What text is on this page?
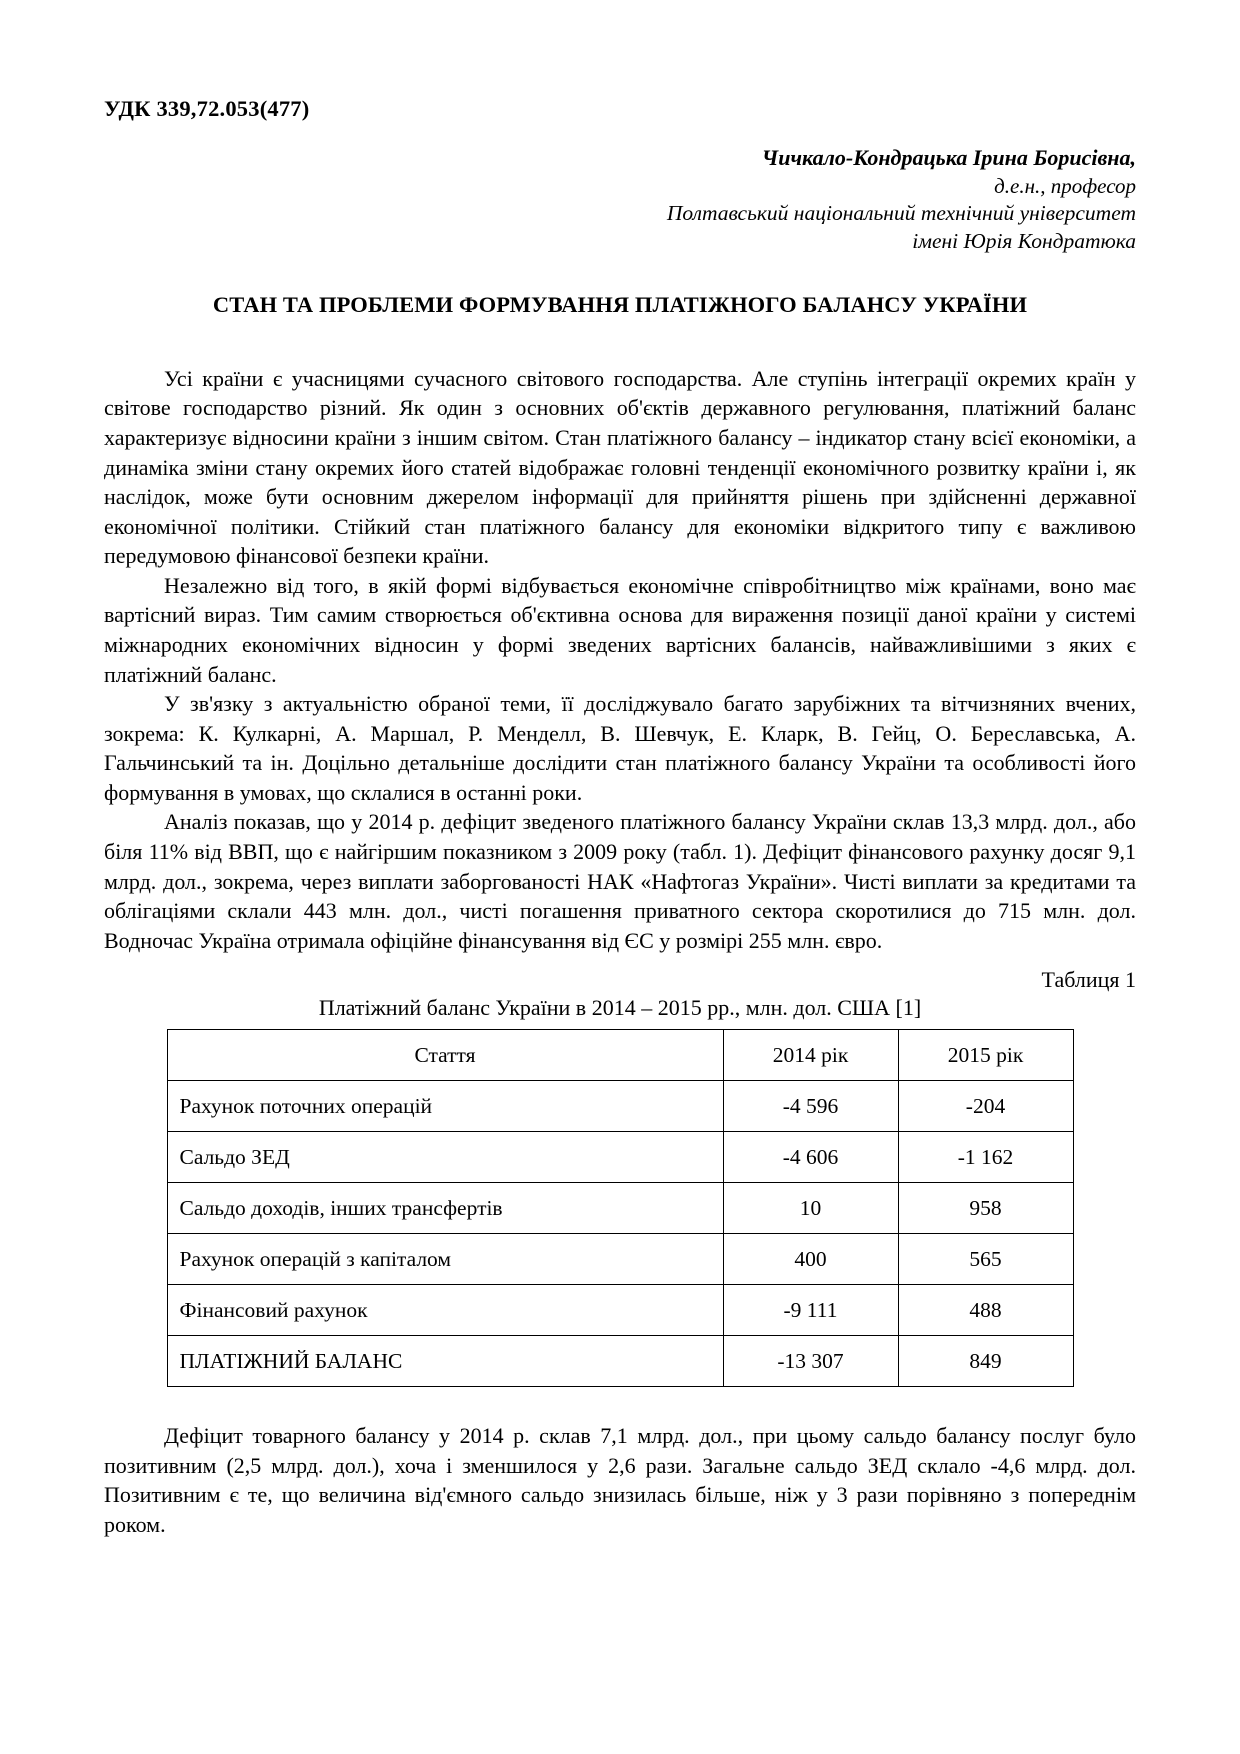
УДК 339,72.053(477)
Чичкало-Кондрацька Ірина Борисівна,
д.е.н., професор
Полтавський національний технічний університет
імені Юрія Кондратюка
СТАН ТА ПРОБЛЕМИ ФОРМУВАННЯ ПЛАТІЖНОГО БАЛАНСУ УКРАЇНИ

Усі країни є учасницями сучасного світового господарства. Але ступінь інтеграції окремих країн у світове господарство різний. Як один з основних об'єктів державного регулювання, платіжний баланс характеризує відносини країни з іншим світом. Стан платіжного балансу – індикатор стану всієї економіки, а динаміка зміни стану окремих його статей відображає головні тенденції економічного розвитку країни і, як наслідок, може бути основним джерелом інформації для прийняття рішень при здійсненні державної економічної політики. Стійкий стан платіжного балансу для економіки відкритого типу є важливою передумовою фінансової безпеки країни.

Незалежно від того, в якій формі відбувається економічне співробітництво між країнами, воно має вартісний вираз. Тим самим створюється об'єктивна основа для вираження позиції даної країни у системі міжнародних економічних відносин у формі зведених вартісних балансів, найважливішими з яких є платіжний баланс.

У зв'язку з актуальністю обраної теми, її досліджувало багато зарубіжних та вітчизняних вчених, зокрема: К. Кулкарні, А. Маршал, Р. Менделл, В. Шевчук, Е. Кларк, В. Гейц, О. Береславська, А. Гальчинський та ін. Доцільно детальніше дослідити стан платіжного балансу України та особливості його формування в умовах, що склалися в останні роки.

Аналіз показав, що у 2014 р. дефіцит зведеного платіжного балансу України склав 13,3 млрд. дол., або біля 11% від ВВП, що є найгіршим показником з 2009 року (табл. 1). Дефіцит фінансового рахунку досяг 9,1 млрд. дол., зокрема, через виплати заборгованості НАК «Нафтогаз України». Чисті виплати за кредитами та облігаціями склали 443 млн. дол., чисті погашення приватного сектора скоротилися до 715 млн. дол. Водночас Україна отримала офіційне фінансування від ЄС у розмірі 255 млн. євро.

Таблиця 1
Платіжний баланс України в 2014 – 2015 рр., млн. дол. США [1]
Стаття	2014 рік	2015 рік
Рахунок поточних операцій	-4 596	-204
Сальдо ЗЕД	-4 606	-1 162
Сальдо доходів, інших трансфертів	10	958
Рахунок операцій з капіталом	400	565
Фінансовий рахунок	-9 111	488
ПЛАТІЖНИЙ БАЛАНС	-13 307	849

Дефіцит товарного балансу у 2014 р. склав 7,1 млрд. дол., при цьому сальдо балансу послуг було позитивним (2,5 млрд. дол.), хоча і зменшилося у 2,6 рази. Загальне сальдо ЗЕД склало -4,6 млрд. дол. Позитивним є те, що величина від'ємного сальдо знизилась більше, ніж у 3 рази порівняно з попереднім роком.
